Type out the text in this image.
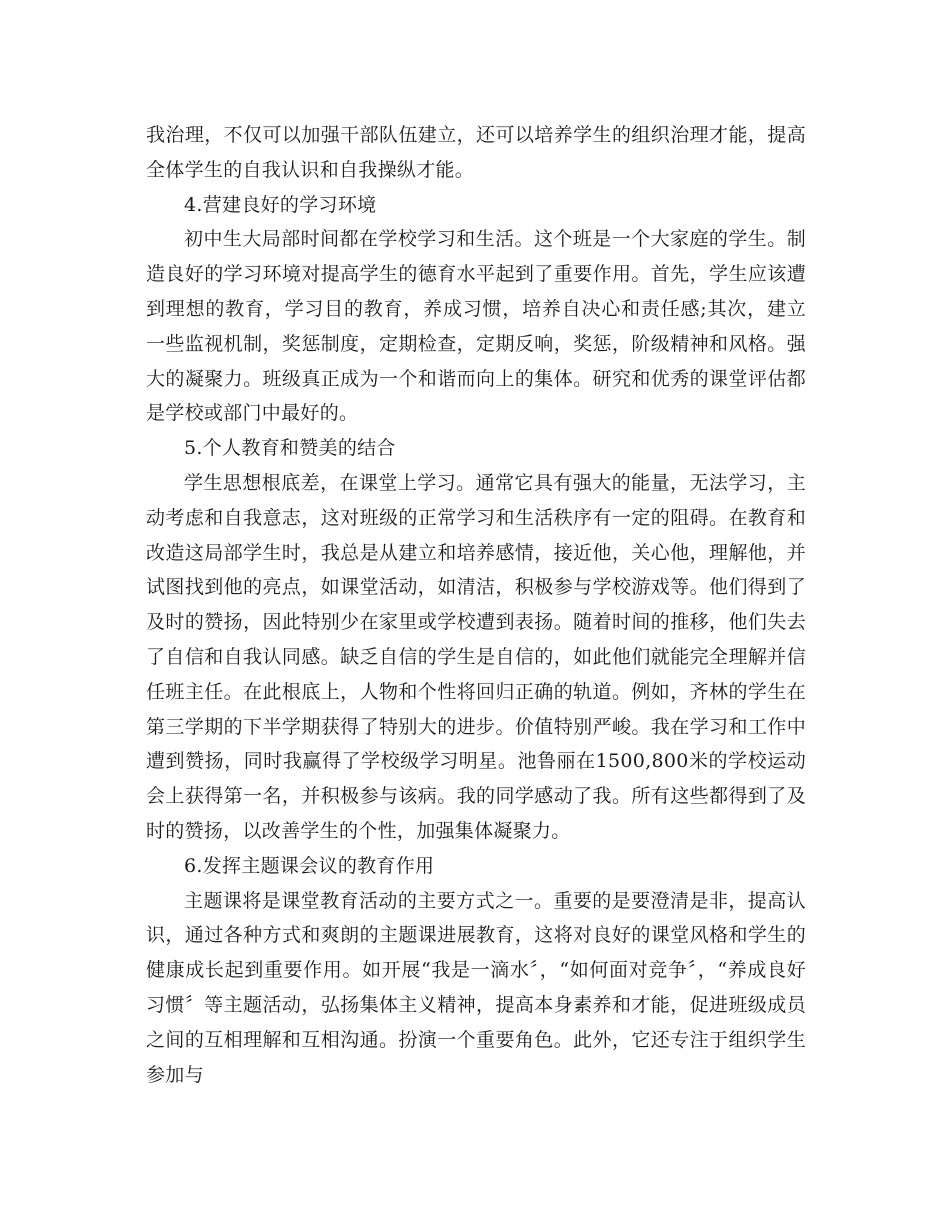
我治理，不仅可以加强干部队伍建立，还可以培养学生的组织治理才能，提高全体学生的自我认识和自我操纵才能。

4.营建良好的学习环境

初中生大局部时间都在学校学习和生活。这个班是一个大家庭的学生。制造良好的学习环境对提高学生的德育水平起到了重要作用。首先，学生应该遭到理想的教育，学习目的教育，养成习惯，培养自决心和责任感;其次，建立一些监视机制，奖惩制度，定期检查，定期反响，奖惩，阶级精神和风格。强大的凝聚力。班级真正成为一个和谐而向上的集体。研究和优秀的课堂评估都是学校或部门中最好的。

5.个人教育和赞美的结合

学生思想根底差，在课堂上学习。通常它具有强大的能量，无法学习，主动考虑和自我意志，这对班级的正常学习和生活秩序有一定的阻碍。在教育和改造这局部学生时，我总是从建立和培养感情，接近他，关心他，理解他，并试图找到他的亮点，如课堂活动，如清洁，积极参与学校游戏等。他们得到了及时的赞扬，因此特别少在家里或学校遭到表扬。随着时间的推移，他们失去了自信和自我认同感。缺乏自信的学生是自信的，如此他们就能完全理解并信任班主任。在此根底上，人物和个性将回归正确的轨道。例如，齐林的学生在第三学期的下半学期获得了特别大的进步。价值特别严峻。我在学习和工作中遭到赞扬，同时我赢得了学校级学习明星。池鲁丽在1500,800米的学校运动会上获得第一名，并积极参与该病。我的同学感动了我。所有这些都得到了及时的赞扬，以改善学生的个性，加强集体凝聚力。

6.发挥主题课会议的教育作用

主题课将是课堂教育活动的主要方式之一。重要的是要澄清是非，提高认识，通过各种方式和爽朗的主题课进展教育，这将对良好的课堂风格和学生的健康成长起到重要作用。如开展“我是一滴水〞，“如何面对竞争〞，“养成良好习惯〞等主题活动，弘扬集体主义精神，提高本身素养和才能，促进班级成员之间的互相理解和互相沟通。扮演一个重要角色。此外，它还专注于组织学生参加与
